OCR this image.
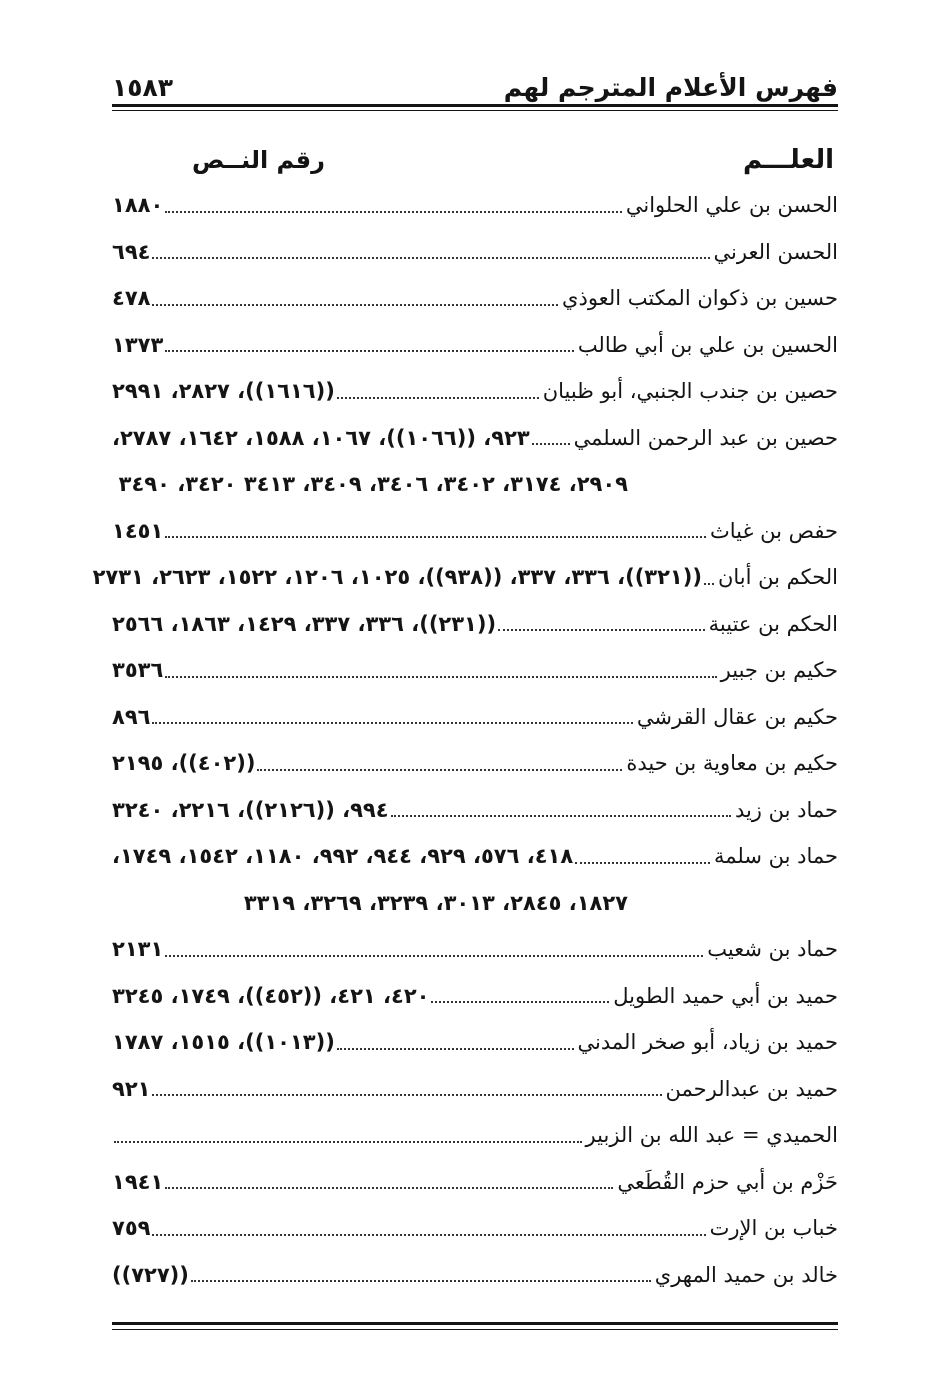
فهرس الأعلام المترجم لهم
١٥٨٣
العلـــم
رقم النــص
الحسن بن علي الحلواني
١٨٨٠
الحسن العرني
٦٩٤
حسين بن ذكوان المكتب العوذي
٤٧٨
الحسين بن علي بن أبي طالب
١٣٧٣
حصين بن جندب الجنبي، أبو ظبيان
((١٦١٦))، ٢٨٢٧، ٢٩٩١
حصين بن عبد الرحمن السلمي
٩٢٣، ((١٠٦٦))، ١٠٦٧، ١٥٨٨، ١٦٤٢، ٢٧٨٧،
٢٩٠٩، ٣١٧٤، ٣٤٠٢، ٣٤٠٦، ٣٤٠٩، ٣٤١٣ ٣٤٢٠، ٣٤٩٠
حفص بن غياث
١٤٥١
الحكم بن أبان
((٣٢١))، ٣٣٦، ٣٣٧، ((٩٣٨))، ١٠٢٥، ١٢٠٦، ١٥٢٢، ٢٦٢٣، ٢٧٣١
الحكم بن عتيبة
((٢٣١))، ٣٣٦، ٣٣٧، ١٤٢٩، ١٨٦٣، ٢٥٦٦
حكيم بن جبير
٣٥٣٦
حكيم بن عقال القرشي
٨٩٦
حكيم بن معاوية بن حيدة
((٤٠٢))، ٢١٩٥
حماد بن زيد
٩٩٤، ((٢١٢٦))، ٢٢١٦، ٣٢٤٠
حماد بن سلمة
٤١٨، ٥٧٦، ٩٢٩، ٩٤٤، ٩٩٢، ١١٨٠، ١٥٤٢، ١٧٤٩،
١٨٢٧، ٢٨٤٥، ٣٠١٣، ٣٢٣٩، ٣٢٦٩، ٣٣١٩
حماد بن شعيب
٢١٣١
حميد بن أبي حميد الطويل
٤٢٠، ٤٢١، ((٤٥٢))، ١٧٤٩، ٣٢٤٥
حميد بن زياد، أبو صخر المدني
((١٠١٣))، ١٥١٥، ١٧٨٧
حميد بن عبدالرحمن
٩٢١
الحميدي = عبد الله بن الزبير
حَزْم بن أبي حزم القُطَعي
١٩٤١
خباب بن الإرت
٧٥٩
خالد بن حميد المهري
((٧٢٧))
